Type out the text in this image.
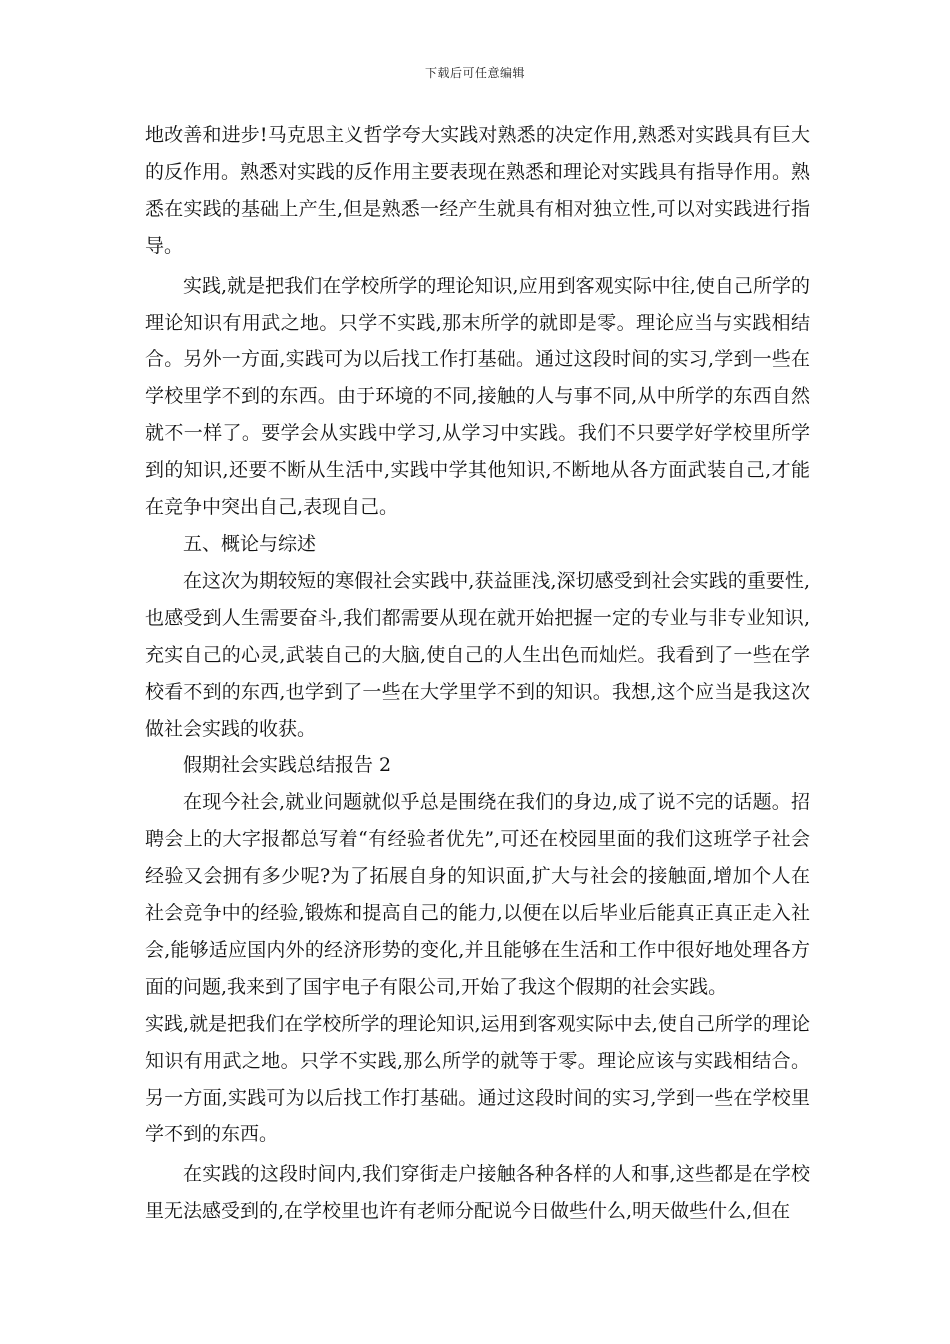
下载后可任意编辑

地改善和进步!马克思主义哲学夸大实践对熟悉的决定作用,熟悉对实践具有巨大的反作用。熟悉对实践的反作用主要表现在熟悉和理论对实践具有指导作用。熟悉在实践的基础上产生,但是熟悉一经产生就具有相对独立性,可以对实践进行指导。

实践,就是把我们在学校所学的理论知识,应用到客观实际中往,使自己所学的理论知识有用武之地。只学不实践,那末所学的就即是零。理论应当与实践相结合。另外一方面,实践可为以后找工作打基础。通过这段时间的实习,学到一些在学校里学不到的东西。由于环境的不同,接触的人与事不同,从中所学的东西自然就不一样了。要学会从实践中学习,从学习中实践。我们不只要学好学校里所学到的知识,还要不断从生活中,实践中学其他知识,不断地从各方面武装自己,才能在竞争中突出自己,表现自己。

五、概论与综述

在这次为期较短的寒假社会实践中,获益匪浅,深切感受到社会实践的重要性,也感受到人生需要奋斗,我们都需要从现在就开始把握一定的专业与非专业知识,充实自己的心灵,武装自己的大脑,使自己的人生出色而灿烂。我看到了一些在学校看不到的东西,也学到了一些在大学里学不到的知识。我想,这个应当是我这次做社会实践的收获。

假期社会实践总结报告 2

在现今社会,就业问题就似乎总是围绕在我们的身边,成了说不完的话题。招聘会上的大字报都总写着“有经验者优先”,可还在校园里面的我们这班学子社会经验又会拥有多少呢?为了拓展自身的知识面,扩大与社会的接触面,增加个人在社会竞争中的经验,锻炼和提高自己的能力,以便在以后毕业后能真正真正走入社会,能够适应国内外的经济形势的变化,并且能够在生活和工作中很好地处理各方面的问题,我来到了国宇电子有限公司,开始了我这个假期的社会实践。

实践,就是把我们在学校所学的理论知识,运用到客观实际中去,使自己所学的理论知识有用武之地。只学不实践,那么所学的就等于零。理论应该与实践相结合。另一方面,实践可为以后找工作打基础。通过这段时间的实习,学到一些在学校里学不到的东西。

在实践的这段时间内,我们穿街走户接触各种各样的人和事,这些都是在学校里无法感受到的,在学校里也许有老师分配说今日做些什么,明天做些什么,但在
